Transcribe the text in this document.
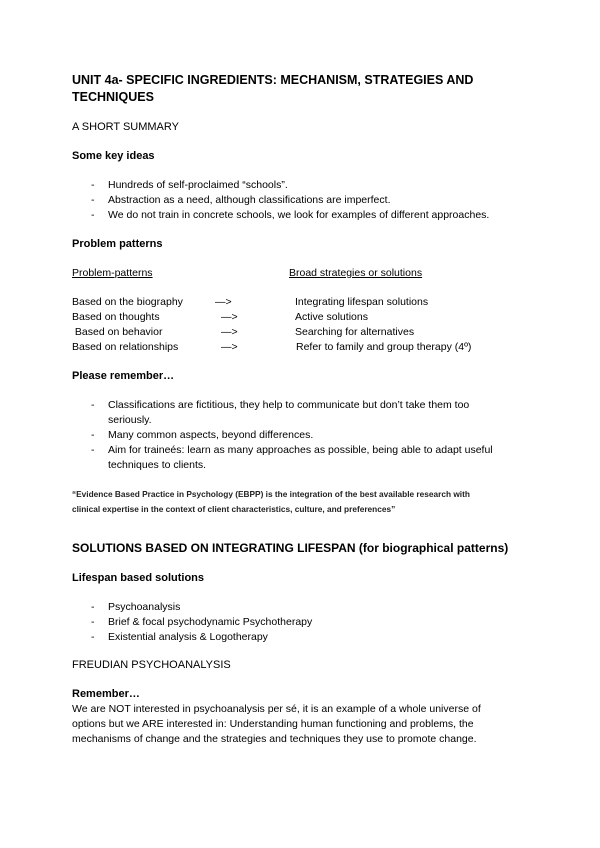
UNIT 4a- SPECIFIC INGREDIENTS: MECHANISM, STRATEGIES AND
TECHNIQUES
A SHORT SUMMARY
Some key ideas
- Hundreds of self-proclaimed “schools”.
- Abstraction as a need, although classifications are imperfect.
- We do not train in concrete schools, we look for examples of different approaches.
Problem patterns
Problem-patterns	Broad strategies or solutions
Based on the biography	—>	Integrating lifespan solutions
Based on thoughts	—>	Active solutions
Based on behavior	—>	Searching for alternatives
Based on relationships	—>	Refer to family and group therapy (4º)
Please remember…
- Classifications are fictitious, they help to communicate but don’t take them too
seriously.
- Many common aspects, beyond differences.
- Aim for traineés: learn as many approaches as possible, being able to adapt useful
techniques to clients.
“Evidence Based Practice in Psychology (EBPP) is the integration of the best available research with
clinical expertise in the context of client characteristics, culture, and preferences”
SOLUTIONS BASED ON INTEGRATING LIFESPAN (for biographical patterns)
Lifespan based solutions
- Psychoanalysis
- Brief & focal psychodynamic Psychotherapy
- Existential analysis & Logotherapy
FREUDIAN PSYCHOANALYSIS
Remember…
We are NOT interested in psychoanalysis per sé, it is an example of a whole universe of
options but we ARE interested in: Understanding human functioning and problems, the
mechanisms of change and the strategies and techniques they use to promote change.
